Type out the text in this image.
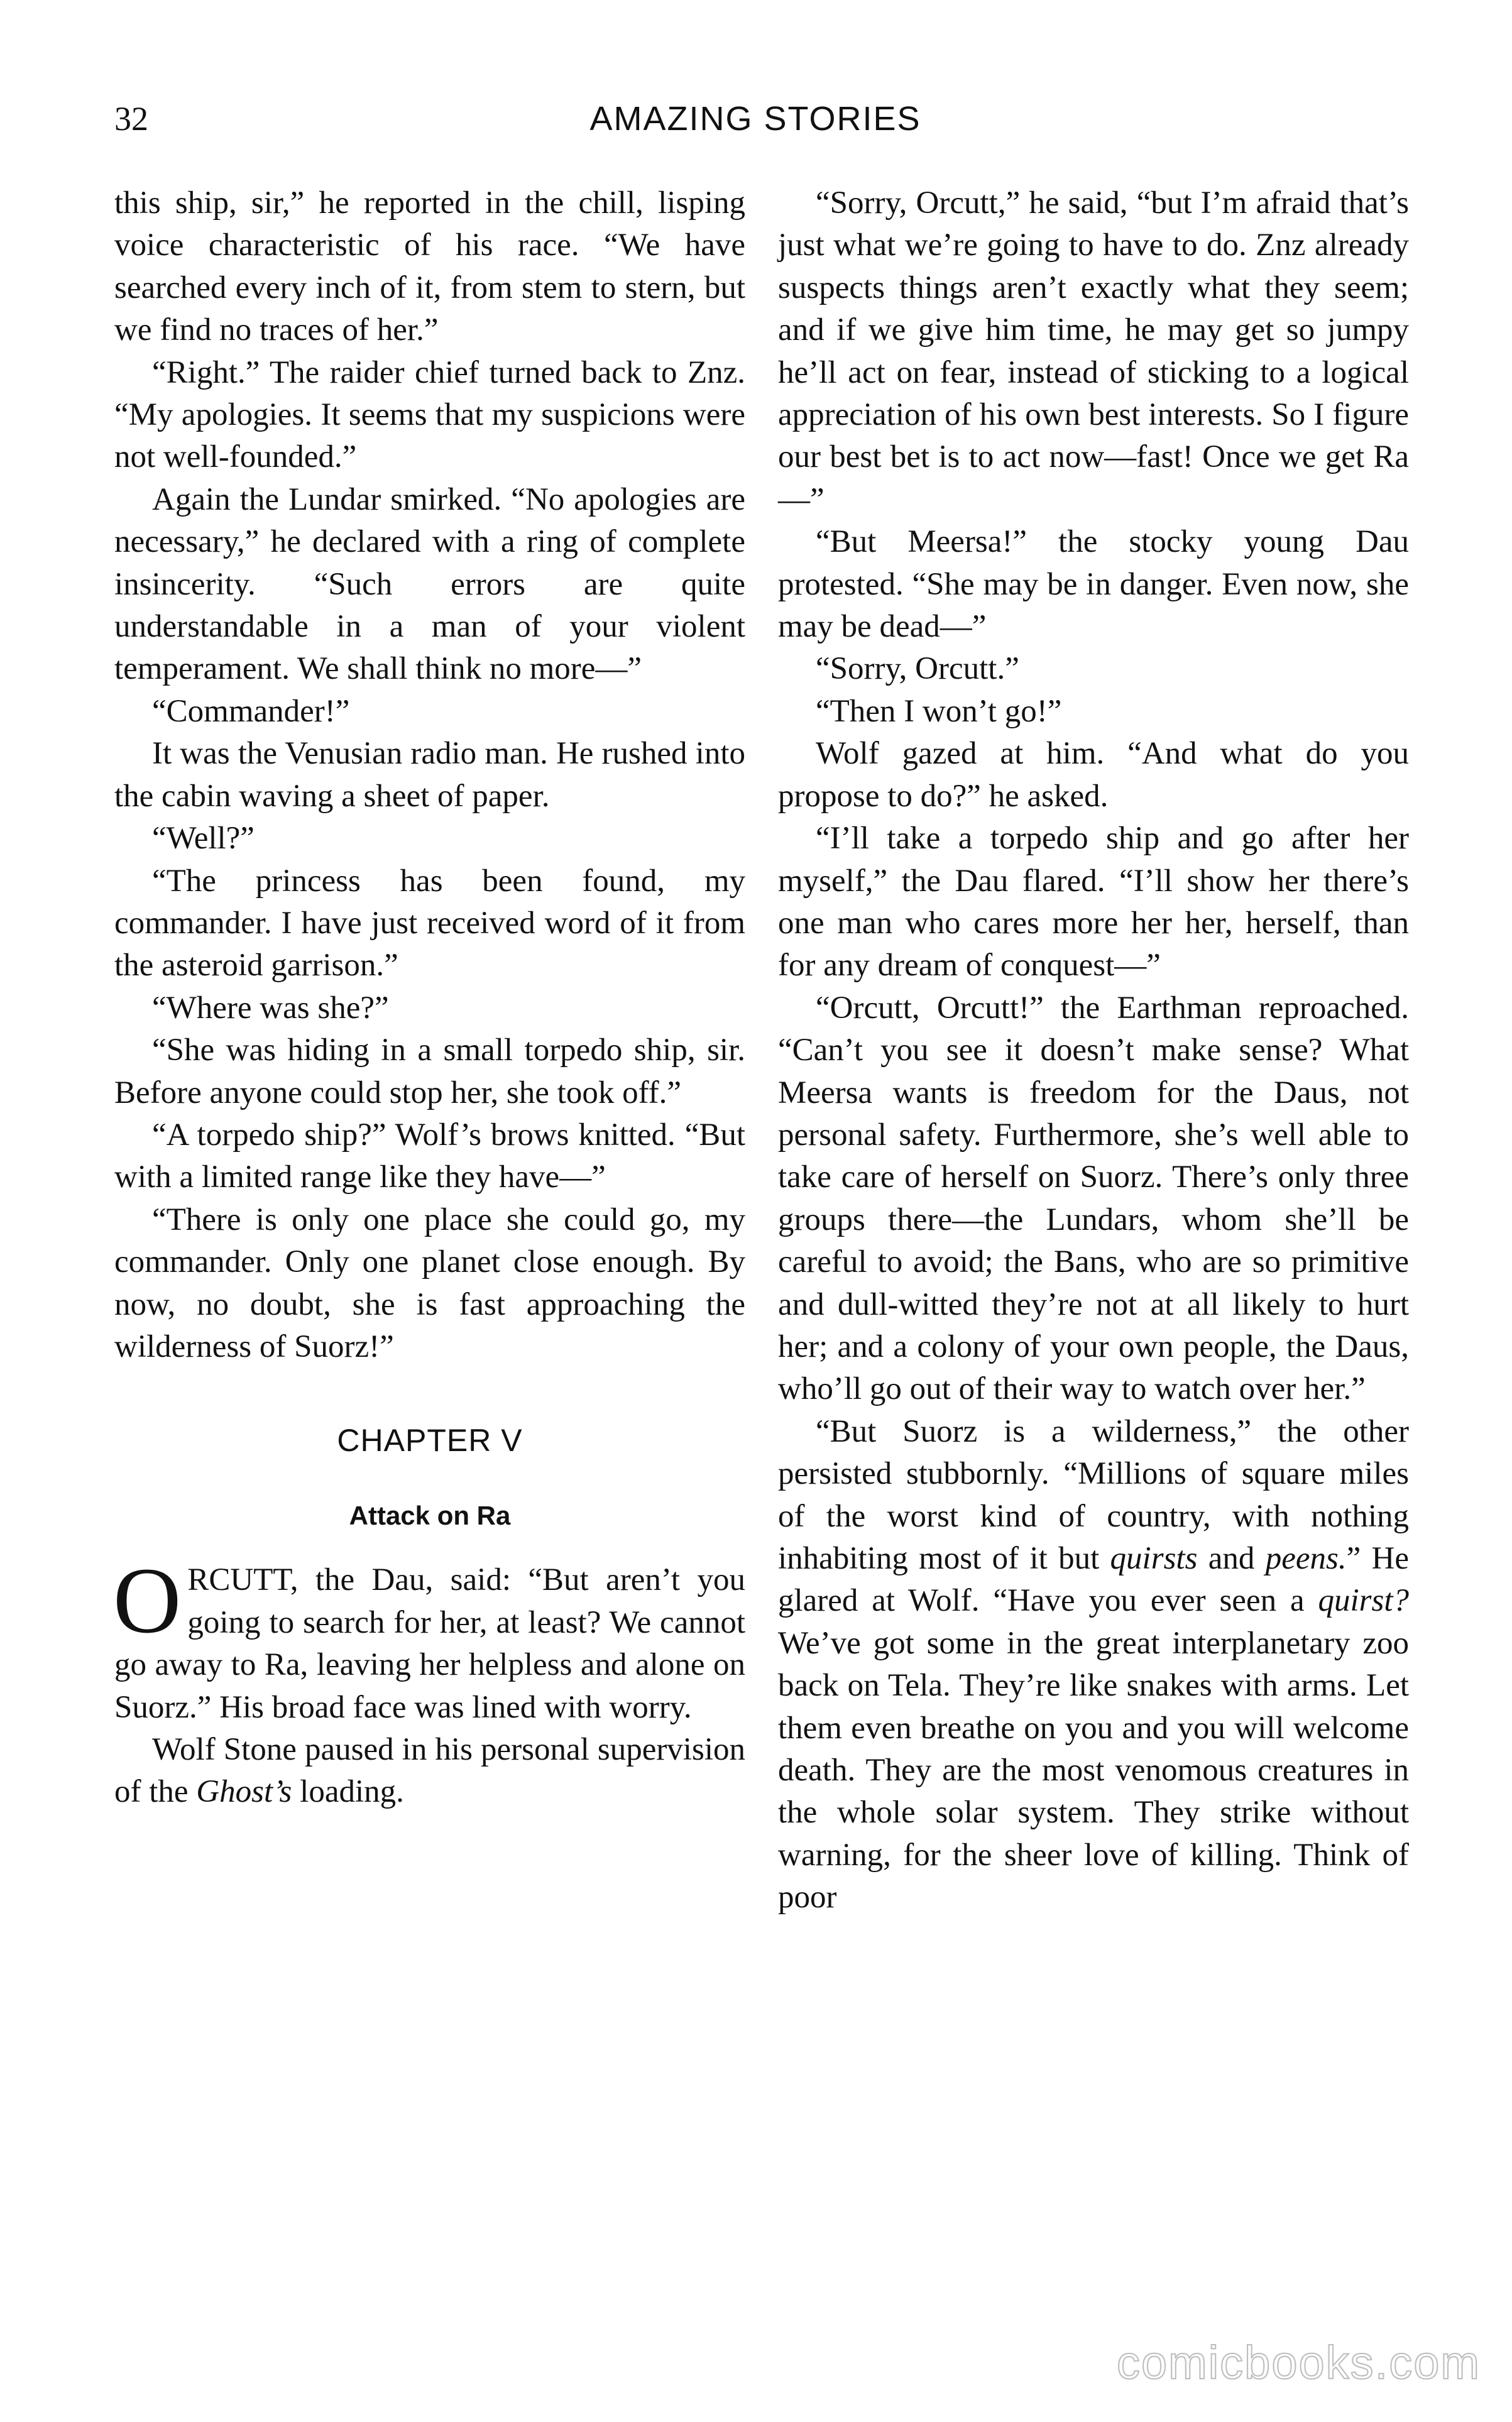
32	AMAZING STORIES

this ship, sir,” he reported in the chill, lisping voice characteristic of his race. “We have searched every inch of it, from stem to stern, but we find no traces of her.”

“Right.” The raider chief turned back to Znz. “My apologies. It seems that my suspicions were not well-founded.”

Again the Lundar smirked. “No apologies are necessary,” he declared with a ring of complete insincerity. “Such errors are quite understandable in a man of your violent temperament. We shall think no more—”

“Commander!”

It was the Venusian radio man. He rushed into the cabin waving a sheet of paper.

“Well?”

“The princess has been found, my commander. I have just received word of it from the asteroid garrison.”

“Where was she?”

“She was hiding in a small torpedo ship, sir. Before anyone could stop her, she took off.”

“A torpedo ship?” Wolf’s brows knitted. “But with a limited range like they have—”

“There is only one place she could go, my commander. Only one planet close enough. By now, no doubt, she is fast approaching the wilderness of Suorz!”

CHAPTER V
Attack on Ra

ORCUTT, the Dau, said: “But aren’t you going to search for her, at least? We cannot go away to Ra, leaving her helpless and alone on Suorz.” His broad face was lined with worry.

Wolf Stone paused in his personal supervision of the Ghost’s loading.

“Sorry, Orcutt,” he said, “but I’m afraid that’s just what we’re going to have to do. Znz already suspects things aren’t exactly what they seem; and if we give him time, he may get so jumpy he’ll act on fear, instead of sticking to a logical appreciation of his own best interests. So I figure our best bet is to act now—fast! Once we get Ra—”

“But Meersa!” the stocky young Dau protested. “She may be in danger. Even now, she may be dead—”

“Sorry, Orcutt.”

“Then I won’t go!”

Wolf gazed at him. “And what do you propose to do?” he asked.

“I’ll take a torpedo ship and go after her myself,” the Dau flared. “I’ll show her there’s one man who cares more her her, herself, than for any dream of conquest—”

“Orcutt, Orcutt!” the Earthman reproached. “Can’t you see it doesn’t make sense? What Meersa wants is freedom for the Daus, not personal safety. Furthermore, she’s well able to take care of herself on Suorz. There’s only three groups there—the Lundars, whom she’ll be careful to avoid; the Bans, who are so primitive and dull-witted they’re not at all likely to hurt her; and a colony of your own people, the Daus, who’ll go out of their way to watch over her.”

“But Suorz is a wilderness,” the other persisted stubbornly. “Millions of square miles of the worst kind of country, with nothing inhabiting most of it but quirsts and peens.” He glared at Wolf. “Have you ever seen a quirst? We’ve got some in the great interplanetary zoo back on Tela. They’re like snakes with arms. Let them even breathe on you and you will welcome death. They are the most venomous creatures in the whole solar system. They strike without warning, for the sheer love of killing. Think of poor

comicbooks.com
